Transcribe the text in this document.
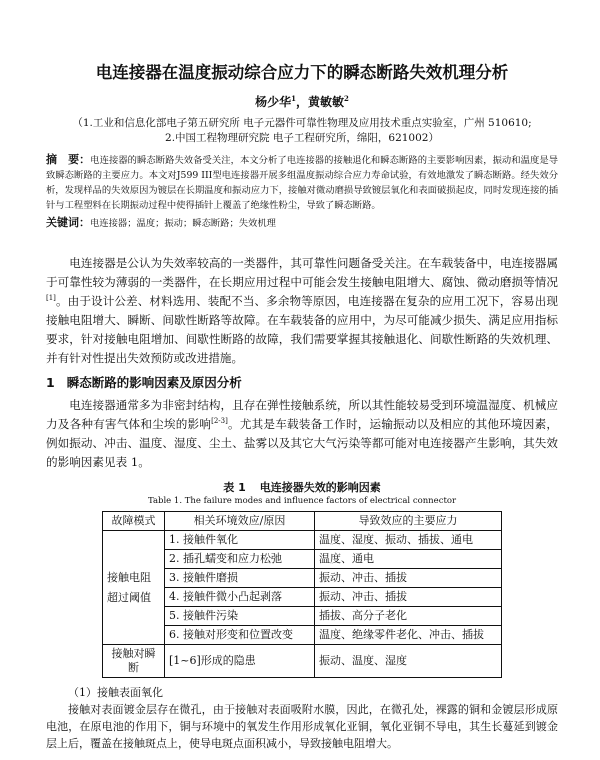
电连接器在温度振动综合应力下的瞬态断路失效机理分析
杨少华$^1$，黄敏敏$^2$
（1.工业和信息化部电子第五研究所 电子元器件可靠性物理及应用技术重点实验室，广州 510610;
2.中国工程物理研究院 电子工程研究所，绵阳，621002）
摘　要：电连接器的瞬态断路失效备受关注，本文分析了电连接器的接触退化和瞬态断路的主要影响因素，振动和温度是导致瞬态断路的主要应力。本文对J599 III型电连接器开展多组温度振动综合应力寿命试验，有效地激发了瞬态断路。经失效分析，发现样品的失效原因为镀层在长期温度和振动应力下，接触对微动磨损导致镀层氧化和表面破损起皮，同时发现连接的插针与工程塑料在长期振动过程中使得插针上覆盖了绝缘性粉尘，导致了瞬态断路。
关键词：电连接器；温度；振动；瞬态断路；失效机理
电连接器是公认为失效率较高的一类器件，其可靠性问题备受关注。在车载装备中，电连接器属于可靠性较为薄弱的一类器件，在长期应用过程中可能会发生接触电阻增大、腐蚀、微动磨损等情况[1]。由于设计公差、材料选用、装配不当、多余物等原因，电连接器在复杂的应用工况下，容易出现接触电阻增大、瞬断、间歇性断路等故障。在车载装备的应用中，为尽可能减少损失、满足应用指标要求，针对接触电阻增加、间歇性断路的故障，我们需要掌握其接触退化、间歇性断路的失效机理、并有针对性提出失效预防或改进措施。
1 瞬态断路的影响因素及原因分析
电连接器通常多为非密封结构，且存在弹性接触系统，所以其性能较易受到环境温湿度、机械应力及各种有害气体和尘埃的影响[2-3]。尤其是车载装备工作时，运输振动以及相应的其他环境因素，例如振动、冲击、温度、湿度、尘土、盐雾以及其它大气污染等都可能对电连接器产生影响，其失效的影响因素见表 1。
表 1 电连接器失效的影响因素
Table 1. The failure modes and influence factors of electrical connector
故障模式	相关环境效应/原因	导致效应的主要应力
接触电阻超过阈值	1. 接触件氧化	温度、湿度、振动、插拔、通电
	2. 插孔蠕变和应力松弛	温度、通电
	3. 接触件磨损	振动、冲击、插拔
	4. 接触件微小凸起剥落	振动、冲击、插拔
	5. 接触件污染	插拔、高分子老化
	6. 接触对形变和位置改变	温度、绝缘零件老化、冲击、插拔
接触对瞬断	[1~6]形成的隐患	振动、温度、湿度
（1）接触表面氧化
接触对表面镀金层存在微孔，由于接触对表面吸附水膜，因此，在微孔处，裸露的铜和金镀层形成原电池，在原电池的作用下，铜与环境中的氧发生作用形成氧化亚铜，氧化亚铜不导电，其生长蔓延到镀金层上后，覆盖在接触斑点上，使导电斑点面积减小，导致接触电阻增大。
